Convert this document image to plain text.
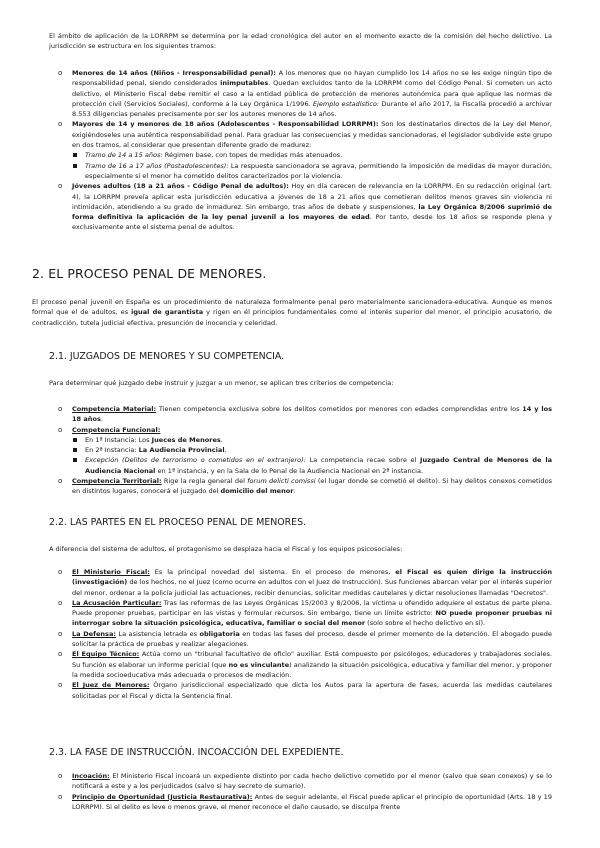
El ámbito de aplicación de la LORRPM se determina por la edad cronológica del autor en el momento exacto de la comisión del hecho delictivo. La jurisdicción se estructura en los siguientes tramos:

o Menores de 14 años (Niños - Irresponsabilidad penal): A los menores que no hayan cumplido los 14 años no se les exige ningún tipo de responsabilidad penal, siendo considerados inimputables. Quedan excluidos tanto de la LORRPM como del Código Penal. Si cometen un acto delictivo, el Ministerio Fiscal debe remitir el caso a la entidad pública de protección de menores autonómica para que aplique las normas de protección civil (Servicios Sociales), conforme a la Ley Orgánica 1/1996. Ejemplo estadístico: Durante el año 2017, la Fiscalía procedió a archivar 8.553 diligencias penales precisamente por ser los autores menores de 14 años.
o Mayores de 14 y menores de 18 años (Adolescentes - Responsabilidad LORRPM): Son los destinatarios directos de la Ley del Menor, exigiéndoseles una auténtica responsabilidad penal. Para graduar las consecuencias y medidas sancionadoras, el legislador subdivide este grupo en dos tramos, al considerar que presentan diferente grado de madurez:
Tramo de 14 a 15 años: Régimen base, con topes de medidas más atenuados.
Tramo de 16 a 17 años (Postadolescentes): La respuesta sancionadora se agrava, permitiendo la imposición de medidas de mayor duración, especialmente si el menor ha cometido delitos caracterizados por la violencia.
o Jóvenes adultos (18 a 21 años - Código Penal de adultos): Hoy en día carecen de relevancia en la LORRPM. En su redacción original (art. 4), la LORRPM preveía aplicar esta jurisdicción educativa a jóvenes de 18 a 21 años que cometieran delitos menos graves sin violencia ni intimidación, atendiendo a su grado de inmadurez. Sin embargo, tras años de debate y suspensiones, la Ley Orgánica 8/2006 suprimió de forma definitiva la aplicación de la ley penal juvenil a los mayores de edad. Por tanto, desde los 18 años se responde plena y exclusivamente ante el sistema penal de adultos.
2. EL PROCESO PENAL DE MENORES.

El proceso penal juvenil en España es un procedimiento de naturaleza formalmente penal pero materialmente sancionadora-educativa. Aunque es menos formal que el de adultos, es igual de garantista y rigen en él principios fundamentales como el interés superior del menor, el principio acusatorio, de contradicción, tutela judicial efectiva, presunción de inocencia y celeridad.

2.1. JUZGADOS DE MENORES Y SU COMPETENCIA.

Para determinar qué juzgado debe instruir y juzgar a un menor, se aplican tres criterios de competencia:

o Competencia Material: Tienen competencia exclusiva sobre los delitos cometidos por menores con edades comprendidas entre los 14 y los 18 años.
o Competencia Funcional:
En 1ª Instancia: Los Jueces de Menores.
En 2ª Instancia: La Audiencia Provincial.
Excepción (Delitos de terrorismo o cometidos en el extranjero): La competencia recae sobre el Juzgado Central de Menores de la Audiencia Nacional en 1ª instancia, y en la Sala de lo Penal de la Audiencia Nacional en 2ª instancia.
o Competencia Territorial: Rige la regla general del forum delicti comissi (el lugar donde se cometió el delito). Si hay delitos conexos cometidos en distintos lugares, conocerá el juzgado del domicilio del menor.
2.2. LAS PARTES EN EL PROCESO PENAL DE MENORES.

A diferencia del sistema de adultos, el protagonismo se desplaza hacia el Fiscal y los equipos psicosociales:

o El Ministerio Fiscal: Es la principal novedad del sistema. En el proceso de menores, el Fiscal es quien dirige la instrucción (investigación) de los hechos, no el Juez (como ocurre en adultos con el Juez de Instrucción). Sus funciones abarcan velar por el interés superior del menor, ordenar a la policía judicial las actuaciones, recibir denuncias, solicitar medidas cautelares y dictar resoluciones llamadas "Decretos".
o La Acusación Particular: Tras las reformas de las Leyes Orgánicas 15/2003 y 8/2006, la víctima u ofendido adquiere el estatus de parte plena. Puede proponer pruebas, participar en las vistas y formular recursos. Sin embargo, tiene un límite estricto: NO puede proponer pruebas ni interrogar sobre la situación psicológica, educativa, familiar o social del menor (solo sobre el hecho delictivo en sí).
o La Defensa: La asistencia letrada es obligatoria en todas las fases del proceso, desde el primer momento de la detención. El abogado puede solicitar la práctica de pruebas y realizar alegaciones.
o El Equipo Técnico: Actúa como un "tribunal facultativo de oficio" auxiliar. Está compuesto por psicólogos, educadores y trabajadores sociales. Su función es elaborar un informe pericial (que no es vinculante) analizando la situación psicológica, educativa y familiar del menor, y proponer la medida socioeducativa más adecuada o procesos de mediación.
o El Juez de Menores: Órgano jurisdiccional especializado que dicta los Autos para la apertura de fases, acuerda las medidas cautelares solicitadas por el Fiscal y dicta la Sentencia final.
2.3. LA FASE DE INSTRUCCIÓN. INCOACCIÓN DEL EXPEDIENTE.
o Incoación: El Ministerio Fiscal incoará un expediente distinto por cada hecho delictivo cometido por el menor (salvo que sean conexos) y se lo notificará a este y a los perjudicados (salvo si hay secreto de sumario).
o Principio de Oportunidad (Justicia Restaurativa): Antes de seguir adelante, el Fiscal puede aplicar el principio de oportunidad (Arts. 18 y 19 LORRPM). Si el delito es leve o menos grave, el menor reconoce el daño causado, se disculpa frente
